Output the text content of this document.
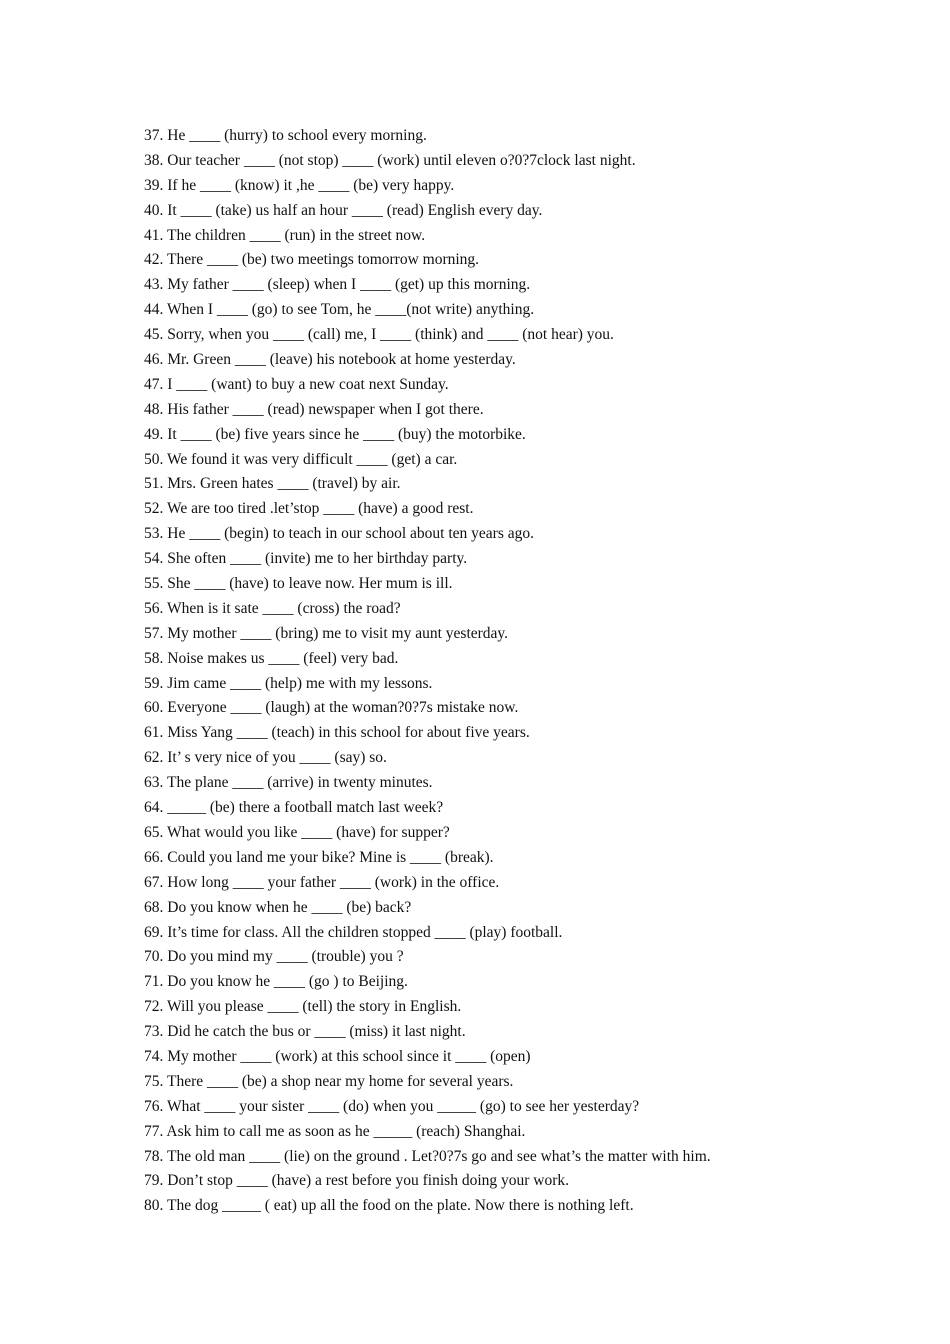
37. He ____ (hurry) to school every morning.
38. Our teacher ____ (not stop) ____ (work) until eleven o?0?7clock last night.
39. If he ____ (know) it ,he ____ (be) very happy.
40. It ____ (take) us half an hour ____ (read) English every day.
41. The children ____ (run) in the street now.
42. There ____ (be) two meetings tomorrow morning.
43. My father ____ (sleep) when I ____ (get) up this morning.
44. When I ____ (go) to see Tom, he ____(not write) anything.
45. Sorry, when you ____ (call) me, I ____ (think) and ____ (not hear) you.
46. Mr. Green ____ (leave) his notebook at home yesterday.
47. I ____ (want) to buy a new coat next Sunday.
48. His father ____ (read) newspaper when I got there.
49. It ____ (be) five years since he ____ (buy) the motorbike.
50. We found it was very difficult ____ (get) a car.
51. Mrs. Green hates ____ (travel) by air.
52. We are too tired .let’stop ____ (have) a good rest.
53. He ____ (begin) to teach in our school about ten years ago.
54. She often ____ (invite) me to her birthday party.
55. She ____ (have) to leave now. Her mum is ill.
56. When is it sate ____ (cross) the road?
57. My mother ____ (bring) me to visit my aunt yesterday.
58. Noise makes us ____ (feel) very bad.
59. Jim came ____ (help) me with my lessons.
60. Everyone ____ (laugh) at the woman?0?7s mistake now.
61. Miss Yang ____ (teach) in this school for about five years.
62. It’ s very nice of you ____ (say) so.
63. The plane ____ (arrive) in twenty minutes.
64. _____ (be) there a football match last week?
65. What would you like ____ (have) for supper?
66. Could you land me your bike? Mine is ____ (break).
67. How long ____ your father ____ (work) in the office.
68. Do you know when he ____ (be) back?
69. It’s time for class. All the children stopped ____ (play) football.
70. Do you mind my ____ (trouble) you ?
71. Do you know he ____ (go ) to Beijing.
72. Will you please ____ (tell) the story in English.
73. Did he catch the bus or ____ (miss) it last night.
74. My mother ____ (work) at this school since it ____ (open)
75. There ____ (be) a shop near my home for several years.
76. What ____ your sister ____ (do) when you _____ (go) to see her yesterday?
77. Ask him to call me as soon as he _____ (reach) Shanghai.
78. The old man ____ (lie) on the ground . Let?0?7s go and see what’s the matter with him.
79. Don’t stop ____ (have) a rest before you finish doing your work.
80. The dog _____ ( eat) up all the food on the plate. Now there is nothing left.
